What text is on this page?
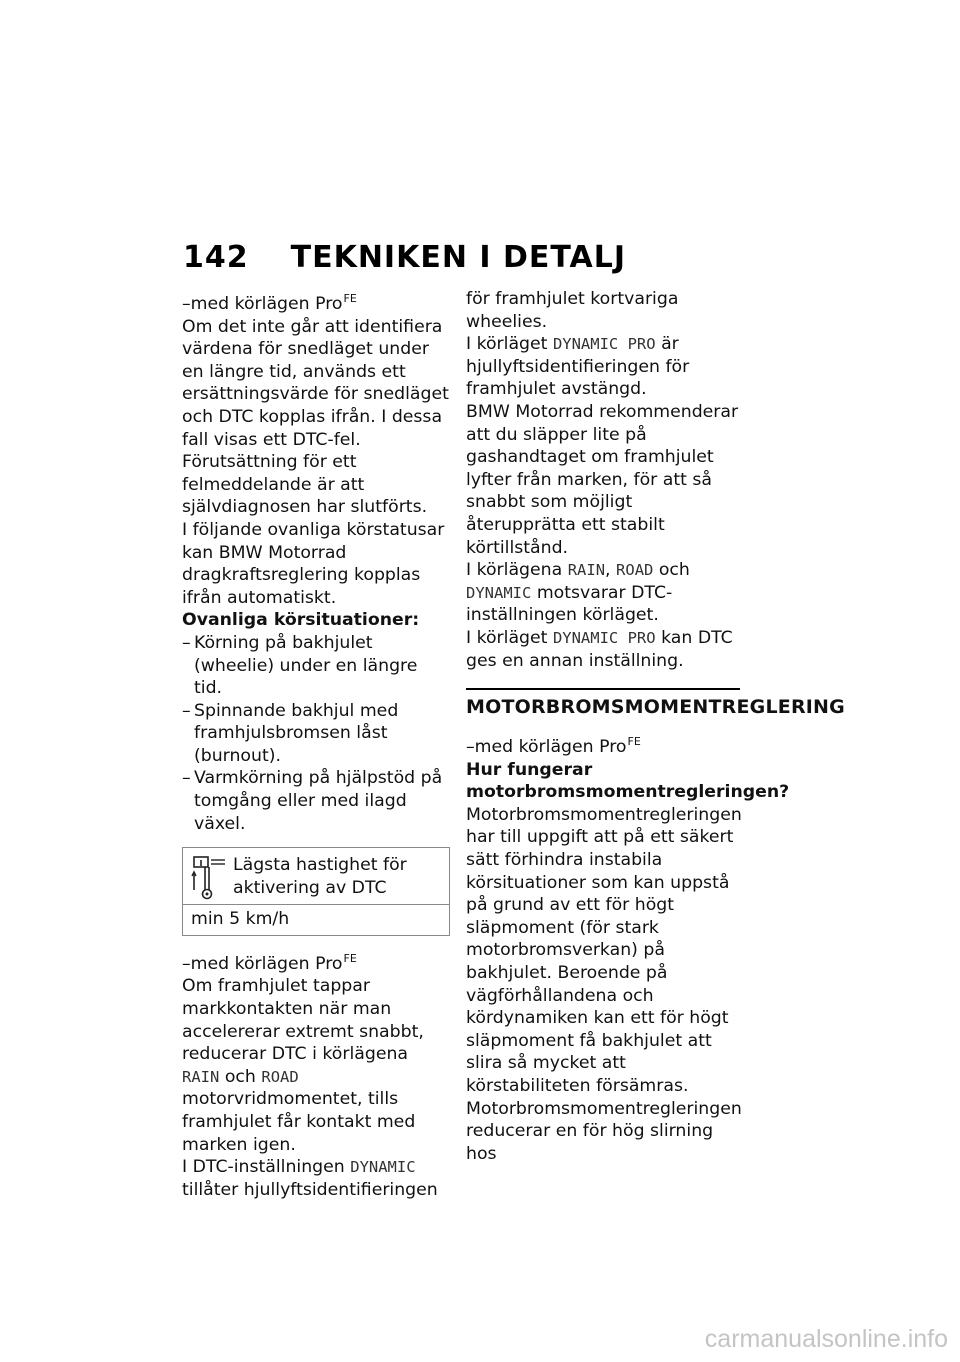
142 TEKNIKEN I DETALJ

–med körlägen Pro$^{FE}$

Om det inte går att identifiera värdena för snedläget under en längre tid, används ett ersättningsvärde för snedläget och DTC kopplas ifrån. I dessa fall visas ett DTC-fel. Förutsättning för ett felmeddelande är att självdiagnosen har slutförts.

I följande ovanliga körstatusar kan BMW Motorrad dragkraftsreglering kopplas ifrån automatiskt.

Ovanliga körsituationer:

– Körning på bakhjulet (wheelie) under en längre tid.
– Spinnande bakhjul med framhjulsbromsen låst (burnout).
– Varmkörning på hjälpstöd på tomgång eller med ilagd växel.
Lägsta hastighet för aktivering av DTC
min 5 km/h

–med körlägen Pro$^{FE}$

Om framhjulet tappar markkontakten när man accelererar extremt snabbt, reducerar DTC i körlägena RAIN och ROAD motorvridmomentet, tills framhjulet får kontakt med marken igen.

I DTC-inställningen DYNAMIC tillåter hjullyftsidentifieringen

för framhjulet kortvariga wheelies.

I körläget DYNAMIC PRO är hjullyftsidentifieringen för framhjulet avstängd.

BMW Motorrad rekommenderar att du släpper lite på gashandtaget om framhjulet lyfter från marken, för att så snabbt som möjligt återupprätta ett stabilt körtillstånd.

I körlägena RAIN, ROAD och DYNAMIC motsvarar DTC-inställningen körläget.

I körläget DYNAMIC PRO kan DTC ges en annan inställning.

MOTORBROMSMOMENTREGLERING

–med körlägen Pro$^{FE}$

Hur fungerar motorbromsmomentregleringen?

Motorbromsmomentregleringen har till uppgift att på ett säkert sätt förhindra instabila körsituationer som kan uppstå på grund av ett för högt släpmoment (för stark motorbromsverkan) på bakhjulet. Beroende på vägförhållandena och kördynamiken kan ett för högt släpmoment få bakhjulet att slira så mycket att körstabiliteten försämras. Motorbromsmomentregleringen reducerar en för hög slirning hos

carmanualsonline.info
